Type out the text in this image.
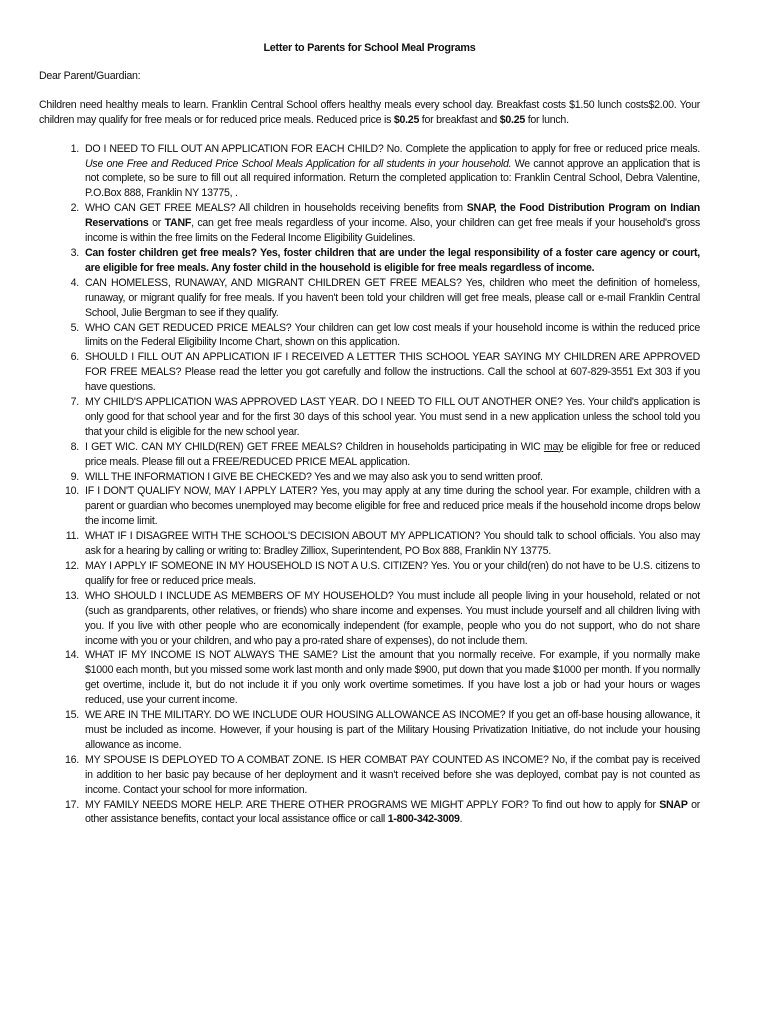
Letter to Parents for School Meal Programs
Dear Parent/Guardian:
Children need healthy meals to learn. Franklin Central School offers healthy meals every school day. Breakfast costs $1.50 lunch costs$2.00. Your children may qualify for free meals or for reduced price meals. Reduced price is $0.25 for breakfast and $0.25 for lunch.
1. DO I NEED TO FILL OUT AN APPLICATION FOR EACH CHILD? No. Complete the application to apply for free or reduced price meals. Use one Free and Reduced Price School Meals Application for all students in your household. We cannot approve an application that is not complete, so be sure to fill out all required information. Return the completed application to: Franklin Central School, Debra Valentine, P.O.Box 888, Franklin NY 13775, .
2. WHO CAN GET FREE MEALS? All children in households receiving benefits from SNAP, the Food Distribution Program on Indian Reservations or TANF, can get free meals regardless of your income. Also, your children can get free meals if your household's gross income is within the free limits on the Federal Income Eligibility Guidelines.
3. Can foster children get free meals? Yes, foster children that are under the legal responsibility of a foster care agency or court, are eligible for free meals. Any foster child in the household is eligible for free meals regardless of income.
4. CAN HOMELESS, RUNAWAY, AND MIGRANT CHILDREN GET FREE MEALS? Yes, children who meet the definition of homeless, runaway, or migrant qualify for free meals. If you haven't been told your children will get free meals, please call or e-mail Franklin Central School, Julie Bergman to see if they qualify.
5. WHO CAN GET REDUCED PRICE MEALS? Your children can get low cost meals if your household income is within the reduced price limits on the Federal Eligibility Income Chart, shown on this application.
6. SHOULD I FILL OUT AN APPLICATION IF I RECEIVED A LETTER THIS SCHOOL YEAR SAYING MY CHILDREN ARE APPROVED FOR FREE MEALS? Please read the letter you got carefully and follow the instructions. Call the school at 607-829-3551 Ext 303 if you have questions.
7. MY CHILD'S APPLICATION WAS APPROVED LAST YEAR. DO I NEED TO FILL OUT ANOTHER ONE? Yes. Your child's application is only good for that school year and for the first 30 days of this school year. You must send in a new application unless the school told you that your child is eligible for the new school year.
8. I GET WIC. CAN MY CHILD(REN) GET FREE MEALS? Children in households participating in WIC may be eligible for free or reduced price meals. Please fill out a FREE/REDUCED PRICE MEAL application.
9. WILL THE INFORMATION I GIVE BE CHECKED? Yes and we may also ask you to send written proof.
10. IF I DON'T QUALIFY NOW, MAY I APPLY LATER? Yes, you may apply at any time during the school year. For example, children with a parent or guardian who becomes unemployed may become eligible for free and reduced price meals if the household income drops below the income limit.
11. WHAT IF I DISAGREE WITH THE SCHOOL'S DECISION ABOUT MY APPLICATION? You should talk to school officials. You also may ask for a hearing by calling or writing to: Bradley Zilliox, Superintendent, PO Box 888, Franklin NY 13775.
12. MAY I APPLY IF SOMEONE IN MY HOUSEHOLD IS NOT A U.S. CITIZEN? Yes. You or your child(ren) do not have to be U.S. citizens to qualify for free or reduced price meals.
13. WHO SHOULD I INCLUDE AS MEMBERS OF MY HOUSEHOLD? You must include all people living in your household, related or not (such as grandparents, other relatives, or friends) who share income and expenses. You must include yourself and all children living with you. If you live with other people who are economically independent (for example, people who you do not support, who do not share income with you or your children, and who pay a pro-rated share of expenses), do not include them.
14. WHAT IF MY INCOME IS NOT ALWAYS THE SAME? List the amount that you normally receive. For example, if you normally make $1000 each month, but you missed some work last month and only made $900, put down that you made $1000 per month. If you normally get overtime, include it, but do not include it if you only work overtime sometimes. If you have lost a job or had your hours or wages reduced, use your current income.
15. WE ARE IN THE MILITARY. DO WE INCLUDE OUR HOUSING ALLOWANCE AS INCOME? If you get an off-base housing allowance, it must be included as income. However, if your housing is part of the Military Housing Privatization Initiative, do not include your housing allowance as income.
16. MY SPOUSE IS DEPLOYED TO A COMBAT ZONE. IS HER COMBAT PAY COUNTED AS INCOME? No, if the combat pay is received in addition to her basic pay because of her deployment and it wasn't received before she was deployed, combat pay is not counted as income. Contact your school for more information.
17. MY FAMILY NEEDS MORE HELP. ARE THERE OTHER PROGRAMS WE MIGHT APPLY FOR? To find out how to apply for SNAP or other assistance benefits, contact your local assistance office or call 1-800-342-3009.
